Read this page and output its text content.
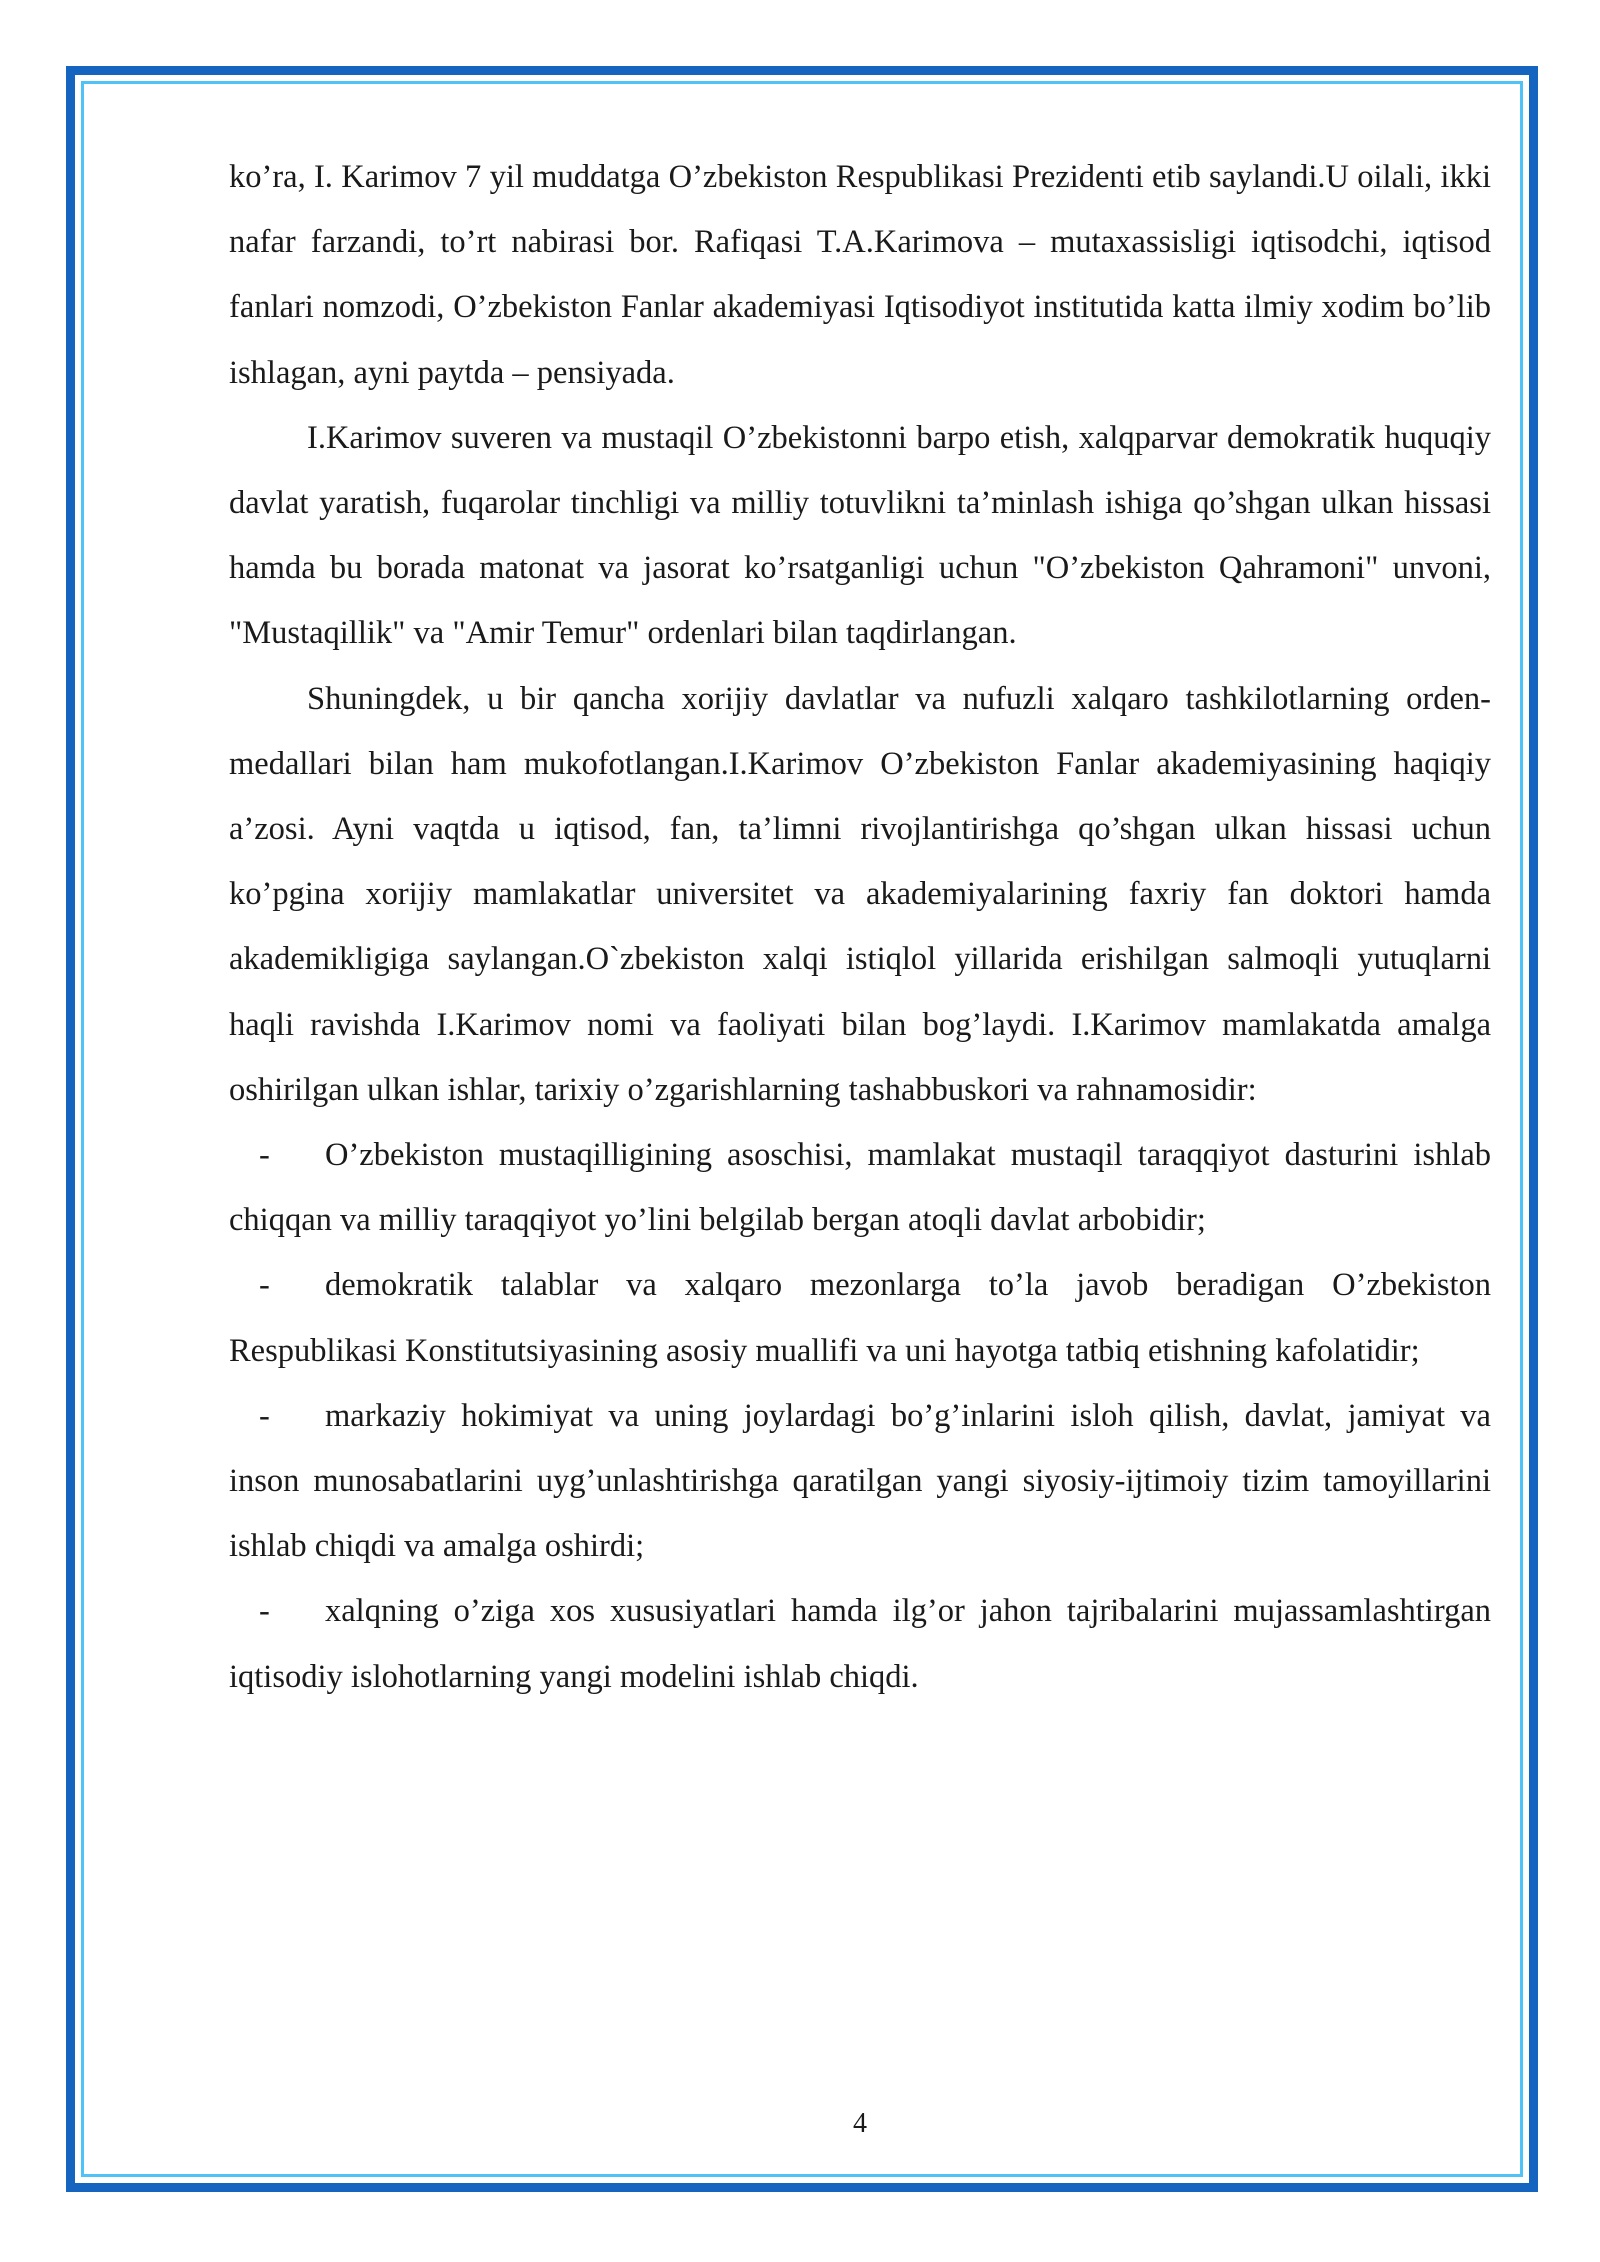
ko’ra, I. Karimov 7 yil muddatga O’zbekiston Respublikasi Prezidenti etib saylandi.U oilali, ikki nafar farzandi, to’rt nabirasi bor. Rafiqasi T.A.Karimova – mutaxassisligi iqtisodchi, iqtisod fanlari nomzodi, O’zbekiston Fanlar akademiyasi Iqtisodiyot institutida katta ilmiy xodim bo’lib ishlagan, ayni paytda – pensiyada.

I.Karimov suveren va mustaqil O’zbekistonni barpo etish, xalqparvar demokratik huquqiy davlat yaratish, fuqarolar tinchligi va milliy totuvlikni ta’minlash ishiga qo’shgan ulkan hissasi hamda bu borada matonat va jasorat ko’rsatganligi uchun "O’zbekiston Qahramoni" unvoni, "Mustaqillik" va "Amir Temur" ordenlari bilan taqdirlangan.

Shuningdek, u bir qancha xorijiy davlatlar va nufuzli xalqaro tashkilotlarning orden-medallari bilan ham mukofotlangan.I.Karimov O’zbekiston Fanlar akademiyasining haqiqiy a’zosi. Ayni vaqtda u iqtisod, fan, ta’limni rivojlantirishga qo’shgan ulkan hissasi uchun ko’pgina xorijiy mamlakatlar universitet va akademiyalarining faxriy fan doktori hamda akademikligiga saylangan.O`zbekiston xalqi istiqlol yillarida erishilgan salmoqli yutuqlarni haqli ravishda I.Karimov nomi va faoliyati bilan bog’laydi. I.Karimov mamlakatda amalga oshirilgan ulkan ishlar, tarixiy o’zgarishlarning tashabbuskori va rahnamosidir:

- O’zbekiston mustaqilligining asoschisi, mamlakat mustaqil taraqqiyot dasturini ishlab chiqqan va milliy taraqqiyot yo’lini belgilab bergan atoqli davlat arbobidir;

- demokratik talablar va xalqaro mezonlarga to’la javob beradigan O’zbekiston Respublikasi Konstitutsiyasining asosiy muallifi va uni hayotga tatbiq etishning kafolatidir;

- markaziy hokimiyat va uning joylardagi bo’g’inlarini isloh qilish, davlat, jamiyat va inson munosabatlarini uyg’unlashtirishga qaratilgan yangi siyosiy-ijtimoiy tizim tamoyillarini ishlab chiqdi va amalga oshirdi;

- xalqning o’ziga xos xususiyatlari hamda ilg’or jahon tajribalarini mujassamlashtirgan iqtisodiy islohotlarning yangi modelini ishlab chiqdi.

4
